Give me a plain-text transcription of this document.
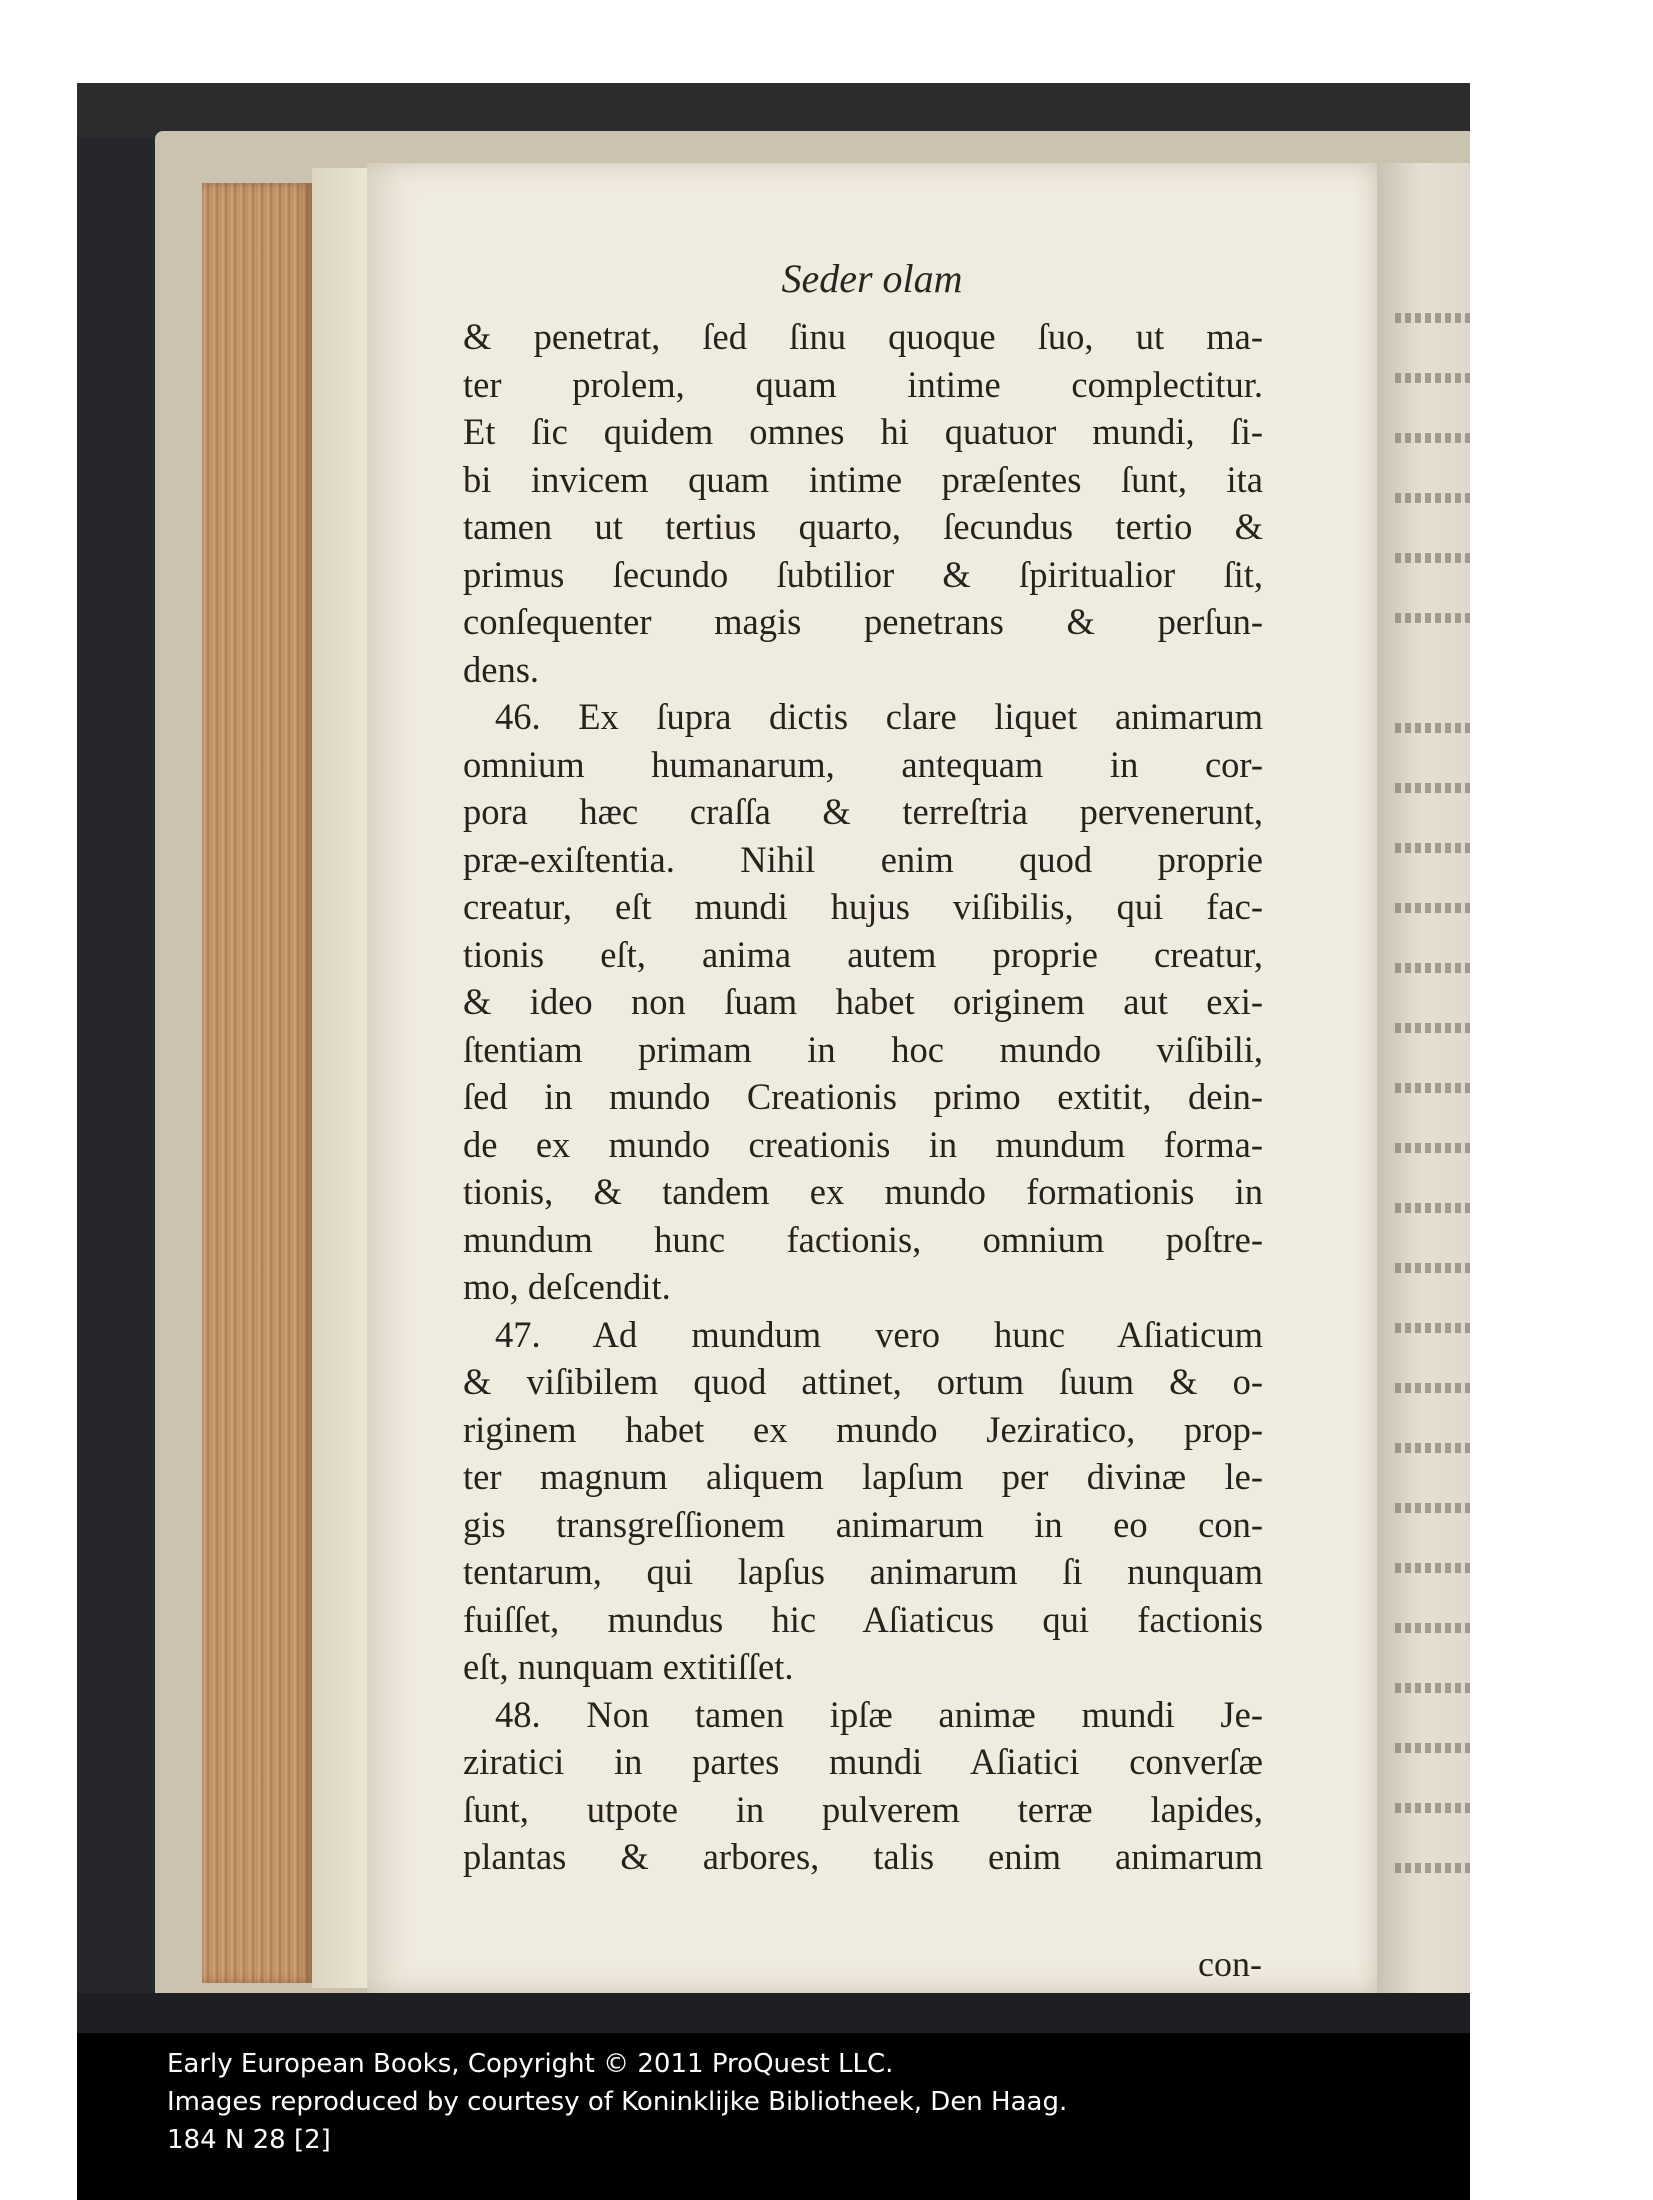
Seder olam
& penetrat, ſed ſinu quoque ſuo, ut ma-
ter prolem, quam intime complectitur.
Et ſic quidem omnes hi quatuor mundi, ſi-
bi invicem quam intime præſentes ſunt, ita
tamen ut tertius quarto, ſecundus tertio &
primus ſecundo ſubtilior & ſpiritualior ſit,
conſequenter magis penetrans & perſun-
dens.
46. Ex ſupra dictis clare liquet animarum
omnium humanarum, antequam in cor-
pora hæc craſſa & terreſtria pervenerunt,
præ-exiſtentia. Nihil enim quod proprie
creatur, eſt mundi hujus viſibilis, qui fac-
tionis eſt, anima autem proprie creatur,
& ideo non ſuam habet originem aut exi-
ſtentiam primam in hoc mundo viſibili,
ſed in mundo Creationis primo extitit, dein-
de ex mundo creationis in mundum forma-
tionis, & tandem ex mundo formationis in
mundum hunc factionis, omnium poſtre-
mo, deſcendit.
47. Ad mundum vero hunc Aſiaticum
& viſibilem quod attinet, ortum ſuum & o-
riginem habet ex mundo Jeziratico, prop-
ter magnum aliquem lapſum per divinæ le-
gis transgreſſionem animarum in eo con-
tentarum, qui lapſus animarum ſi nunquam
fuiſſet, mundus hic Aſiaticus qui factionis
eſt, nunquam extitiſſet.
48. Non tamen ipſæ animæ mundi Je-
ziratici in partes mundi Aſiatici converſæ
ſunt, utpote in pulverem terræ lapides,
plantas & arbores, talis enim animarum
con-
Early European Books, Copyright © 2011 ProQuest LLC.
Images reproduced by courtesy of Koninklijke Bibliotheek, Den Haag.
184 N 28 [2]
